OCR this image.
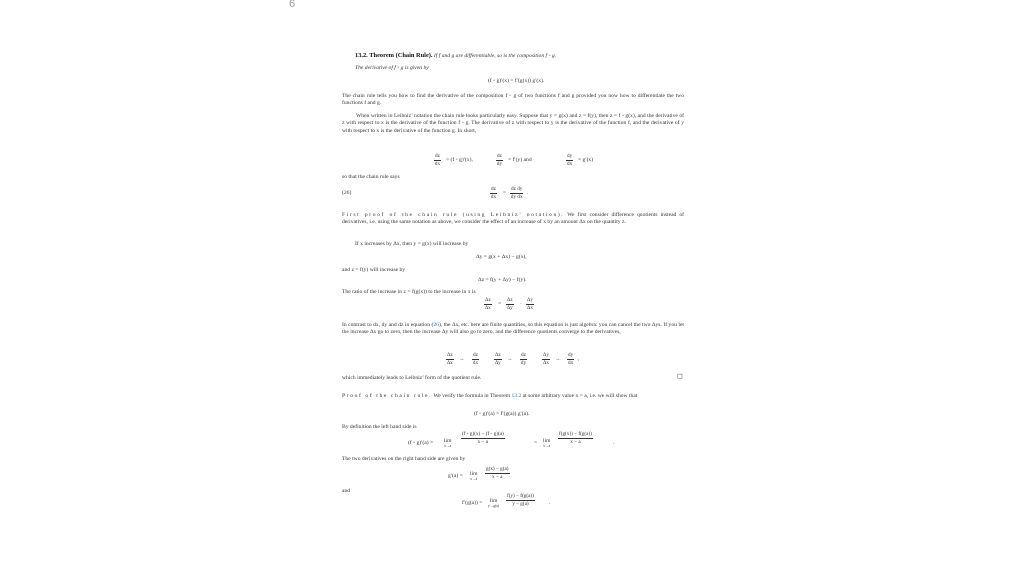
6
13.2. Theorem (Chain Rule). If f and g are differentiable, so is the composition f ◦ g.
The derivative of f ◦ g is given by
(f ◦ g)′(x) = f′(g(x)) g′(x).
The chain rule tells you how to find the derivative of the composition f ◦ g of two functions f and g provided you now how to differentiate the two functions f and g.
When written in Leibniz’ notation the chain rule looks particularly easy. Suppose that y = g(x) and z = f(y), then z = f ◦ g(x), and the derivative of z with respect to x is the derivative of the function f ◦ g. The derivative of z with respect to y is the derivative of the function f, and the derivative of y with respect to x is the derivative of the function g. In short,
$\frac{dz}{dx} = (f$ ◦ g)′(x),	$\frac{dz}{dy} = f'(y)$ and	$\frac{dy}{dx} = g'(x)$
so that the chain rule says
(26)	$\frac{dz}{dx} = \frac{\text{dz dy}}{\text{dy dx}}$ .
First proof of the chain rule (using Leibniz’ notation). We first consider difference quotients instead of derivatives, i.e. using the same notation as above, we consider the effect of an increase of x by an amount Δx on the quantity z.
If x increases by Δx, then y = g(x) will increase by
Δy = g(x + Δx) − g(x),
and z = f(y) will increase by
Δz = f(y + Δy) − f(y).
The ratio of the increase in z = f(g(x)) to the increase in x is
$\frac{\Delta z}{\Delta x} = \frac{\Delta z}{\Delta y} \cdot \frac{\Delta y}{\Delta x}$
In contrast to dx, dy and dz in equation (26), the Δx, etc. here are finite quantities, so this equation is just algebra: you can cancel the two Δys. If you let the increase Δx go to zero, then the increase Δy will also go to zero, and the difference quotients converge to the derivatives,
$\frac{\Delta z}{\Delta x} \to \frac{dz}{dx}$	$\frac{\Delta z}{\Delta y} \to \frac{dz}{dy}$	$\frac{\Delta y}{\Delta x} \to \frac{dy}{dx}$ ,
which immediately leads to Leibniz’ form of the quotient rule.	◻
Proof of the chain rule. We verify the formula in Theorem 13.2 at some arbitrary value x = a, i.e. we will show that
(f ◦ g)′(a) = f′(g(a)) g′(a).
By definition the left hand side is
(f ◦ g)′(a) = lim
x→a
$\frac{(f ◦ g)(x) - (f ◦ g)(a)}{x - a}$	= lim
x→a
$\frac{f(g(x)) - f(g(a))}{x - a}$	.
The two derivatives on the right hand side are given by
g′(a) = lim
$x\to a \frac{g(x) - g(a)}{x - a}$
and
f′(g(a)) = lim
$y\to g(a) \frac{f(y) - f(g(a))}{y - g(a)}$	.
